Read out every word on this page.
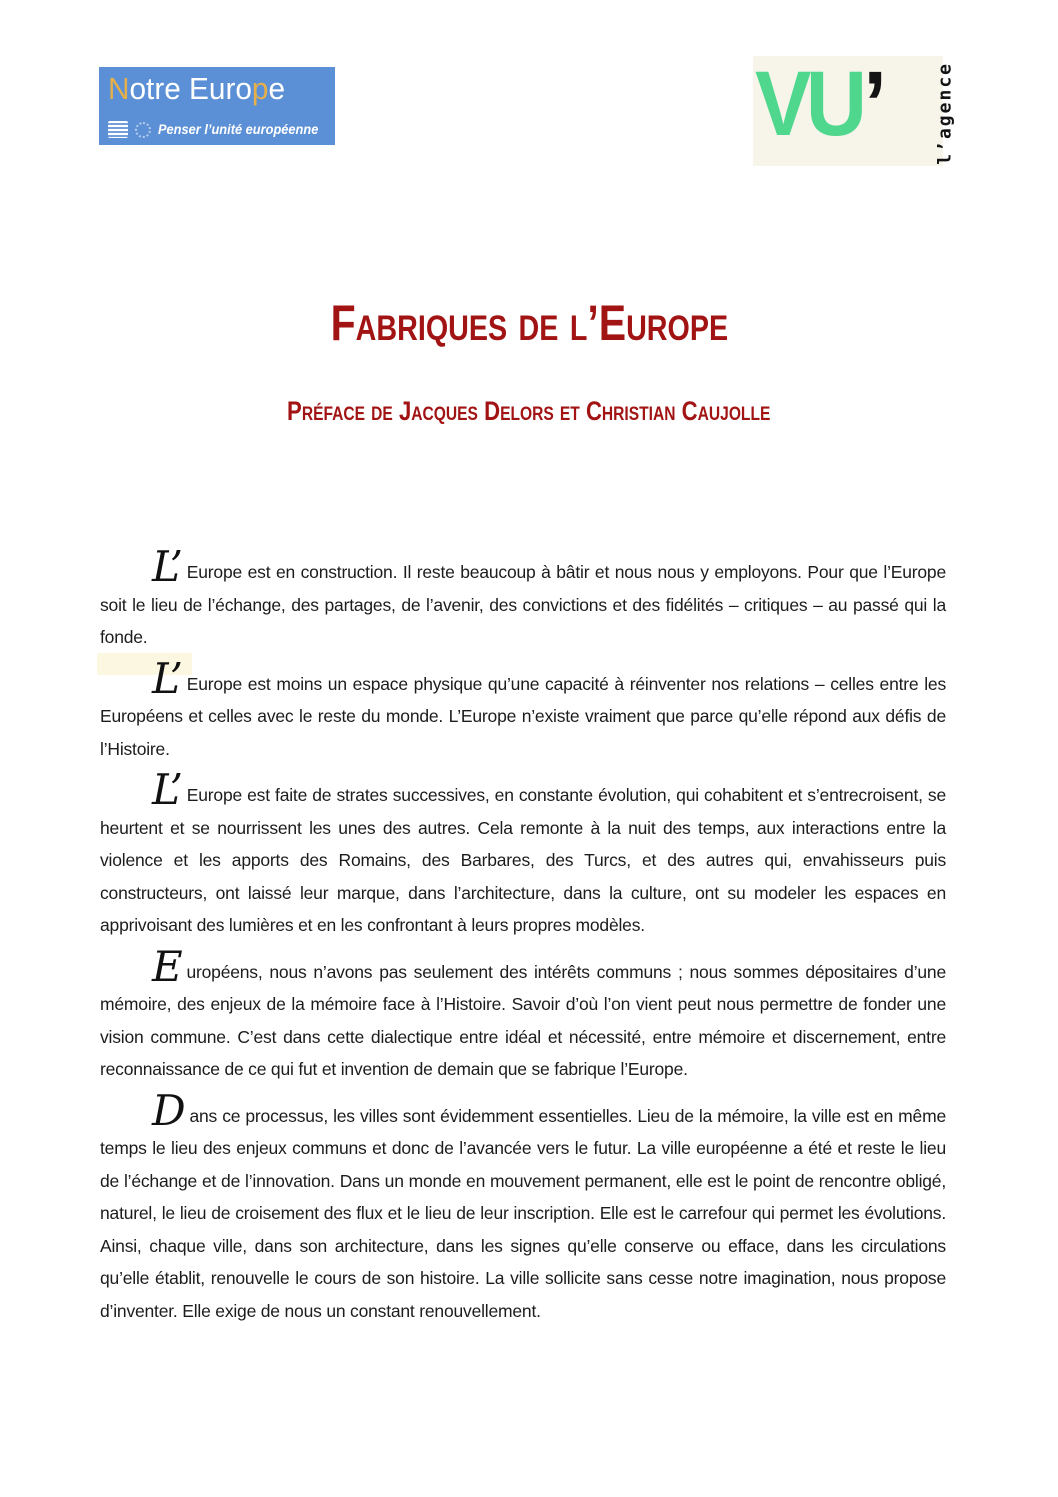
Notre Europe
Penser l’unité européenne	VU’	l’agence
Fabriques de l’Europe
Préface de Jacques Delors et Christian Caujolle

L’ Europe est en construction. Il reste beaucoup à bâtir et nous nous y employons. Pour que l’Europe soit le lieu de l’échange, des partages, de l’avenir, des convictions et des fidélités – critiques – au passé qui la fonde.

L’ Europe est moins un espace physique qu’une capacité à réinventer nos relations – celles entre les Européens et celles avec le reste du monde. L’Europe n’existe vraiment que parce qu’elle répond aux défis de l’Histoire.

L’ Europe est faite de strates successives, en constante évolution, qui cohabitent et s’entrecroisent, se heurtent et se nourrissent les unes des autres. Cela remonte à la nuit des temps, aux interactions entre la violence et les apports des Romains, des Barbares, des Turcs, et des autres qui, envahisseurs puis constructeurs, ont laissé leur marque, dans l’architecture, dans la culture, ont su modeler les espaces en apprivoisant des lumières et en les confrontant à leurs propres modèles.

Européens, nous n’avons pas seulement des intérêts communs ; nous sommes dépositaires d’une mémoire, des enjeux de la mémoire face à l’Histoire. Savoir d’où l’on vient peut nous permettre de fonder une vision commune. C’est dans cette dialectique entre idéal et nécessité, entre mémoire et discernement, entre reconnaissance de ce qui fut et invention de demain que se fabrique l’Europe.

Dans ce processus, les villes sont évidemment essentielles. Lieu de la mémoire, la ville est en même temps le lieu des enjeux communs et donc de l’avancée vers le futur. La ville européenne a été et reste le lieu de l’échange et de l’innovation. Dans un monde en mouvement permanent, elle est le point de rencontre obligé, naturel, le lieu de croisement des flux et le lieu de leur inscription. Elle est le carrefour qui permet les évolutions. Ainsi, chaque ville, dans son architecture, dans les signes qu’elle conserve ou efface, dans les circulations qu’elle établit, renouvelle le cours de son histoire. La ville sollicite sans cesse notre imagination, nous propose d’inventer. Elle exige de nous un constant renouvellement.
